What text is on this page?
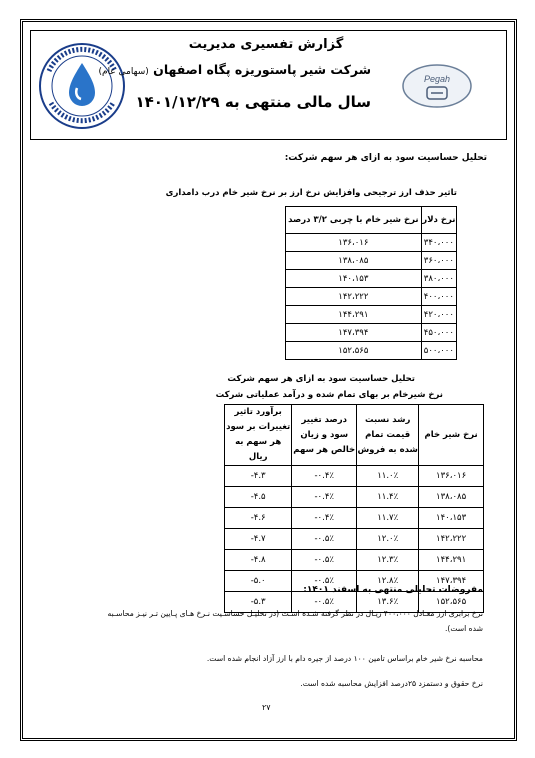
گزارش تفسیری مدیریت
شرکت شیر پاستوریزه پگاه اصفهان (سهامی عام)
سال مالی منتهی به ۱۴۰۱/۱۲/۲۹
Pegah
تحلیل حساسیت سود به ازای هر سهم شرکت:
تاثیر حذف ارز ترجیحی وافزایش نرخ ارز بر نرخ شیر خام درب دامداری
نرخ دلار	نرخ شیر خام با چربی ۳/۲ درصد
۳۴۰،۰۰۰	۱۳۶،۰۱۶
۳۶۰،۰۰۰	۱۳۸،۰۸۵
۳۸۰،۰۰۰	۱۴۰،۱۵۳
۴۰۰،۰۰۰	۱۴۲،۲۲۲
۴۲۰،۰۰۰	۱۴۴،۲۹۱
۴۵۰،۰۰۰	۱۴۷،۳۹۴
۵۰۰،۰۰۰	۱۵۲،۵۶۵
تحلیل حساسیت سود به ازای هر سهم شرکت
نرخ شیرخام بر بهای تمام شده و درآمد عملیاتی شرکت
نرخ شیر خام	رشد نسبت قیمت تمام شده به فروش	درصد تغییر سود و زیان خالص هر سهم	برآورد تاثیر تغییرات بر سود هر سهم به ریال
۱۳۶،۰۱۶	۱۱.۰٪	-۰.۴٪	-۴.۳
۱۳۸،۰۸۵	۱۱.۴٪	-۰.۴٪	-۴.۵
۱۴۰،۱۵۳	۱۱.۷٪	-۰.۴٪	-۴.۶
۱۴۲،۲۲۲	۱۲.۰٪	-۰.۵٪	-۴.۷
۱۴۴،۲۹۱	۱۲.۳٪	-۰.۵٪	-۴.۸
۱۴۷،۳۹۴	۱۲.۸٪	-۰.۵٪	-۵.۰
۱۵۲،۵۶۵	۱۳.۶٪	-۰.۵٪	-۵.۳
مفروضات تحلیلی منتهی به اسفند ۱۴۰۱:
نرخ برابری ارز معـادل ۴۰۰،۰۰۰ ریـال در نظر گرفته شـده اسـت (در تحلیـل حساسـیت نـرخ هـای پـایین تـر نیـز محاسـبه
شده است).
محاسبه نرخ شیر خام براساس تامین ۱۰۰ درصد از جیره دام با ارز آزاد انجام شده است.
نرخ حقوق و دستمزد ۲۵درصد افزایش محاسبه شده است.
۲۷
